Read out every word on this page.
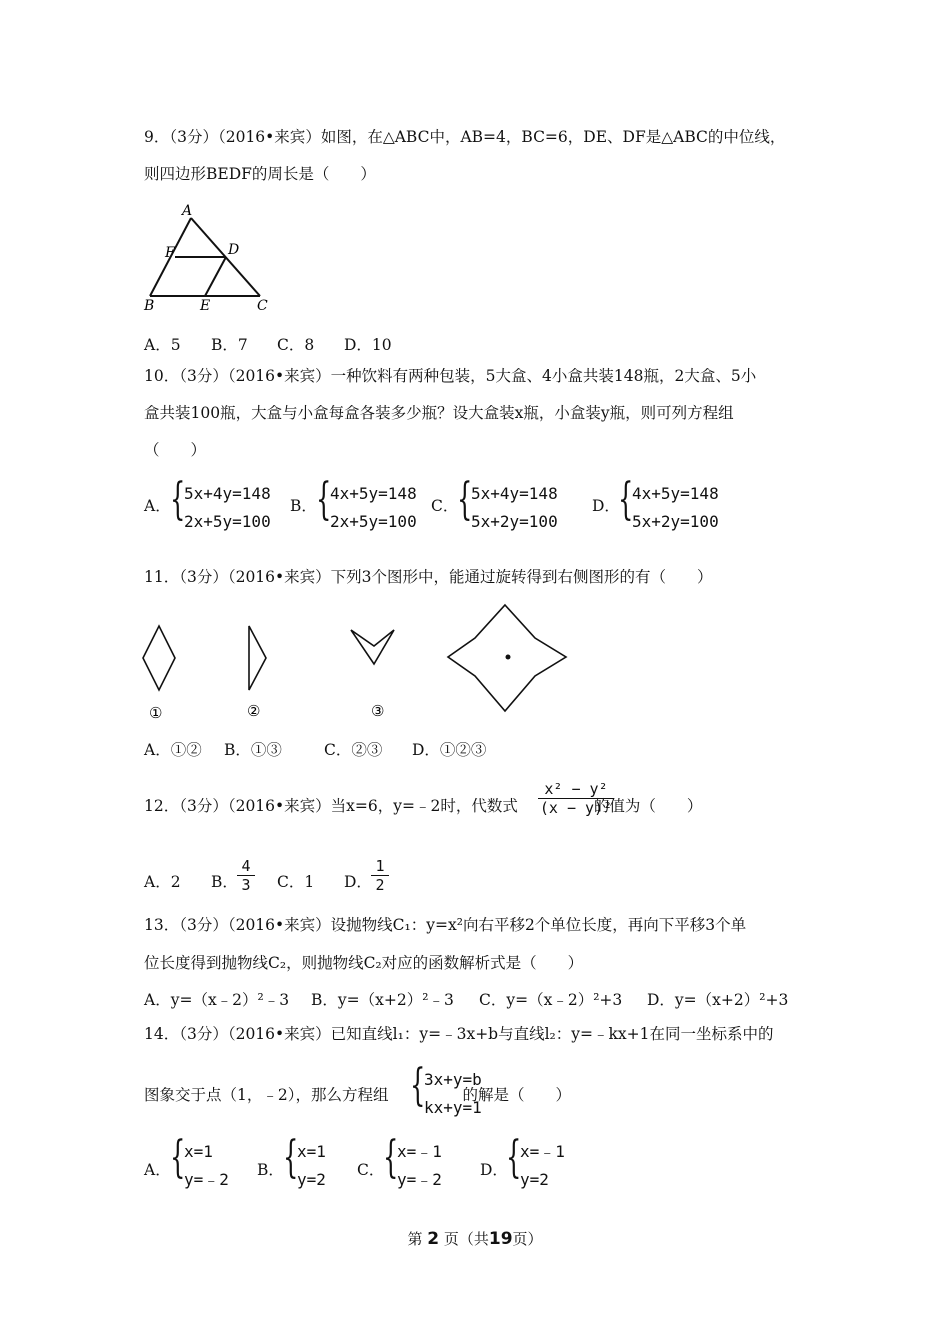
9．（3分）（2016•来宾）如图，在△ABC中，AB=4，BC=6，DE、DF是△ABC的中位线，
则四边形BEDF的周长是（　　）
A
F	D
B	E	C
A．5 B．7 C．8 D．10
10．（3分）（2016•来宾）一种饮料有两种包装，5大盒、4小盒共装148瓶，2大盒、5小
盒共装100瓶，大盒与小盒每盒各装多少瓶？设大盒装x瓶，小盒装y瓶，则可列方程组
（　　）
A． {
5x+4y=148
2x+5y=100
B． {
4x+5y=148
2x+5y=100
C．
{
5x+4y=148
5x+2y=100
D．
{
4x+5y=148
5x+2y=100
11．（3分）（2016•来宾）下列3个图形中，能通过旋转得到右侧图形的有（　　）
①	②	③
A．①② B．①③	C．②③ D．①②③
12．（3分）（2016•来宾）当x=6，y=﹣2时，代数式	的值为（　　）
$\frac{\text{x² − y²}}{\text{(x − y)²}}$
A．2 B．	C．1 D．
$\frac{4}{3}$	$\frac{1}{2}$
13．（3分）（2016•来宾）设抛物线C₁：y=x²向右平移2个单位长度，再向下平移3个单
位长度得到抛物线C₂，则抛物线C₂对应的函数解析式是（　　）
A．y=（x﹣2）²﹣3 B．y=（x+2）²﹣3 C．y=（x﹣2）²+3 D．y=（x+2）²+3
14．（3分）（2016•来宾）已知直线l₁：y=﹣3x+b与直线l₂：y=﹣kx+1在同一坐标系中的
图象交于点（1，﹣2），那么方程组	的解是（　　）
{
3x+y=b
kx+y=1
A． {
x=1
y=﹣2 B． {
x=1
y=2 C．
{
x=﹣1
y=﹣2 D．
{
x=﹣1
y=2
第 2 页（共19页）
